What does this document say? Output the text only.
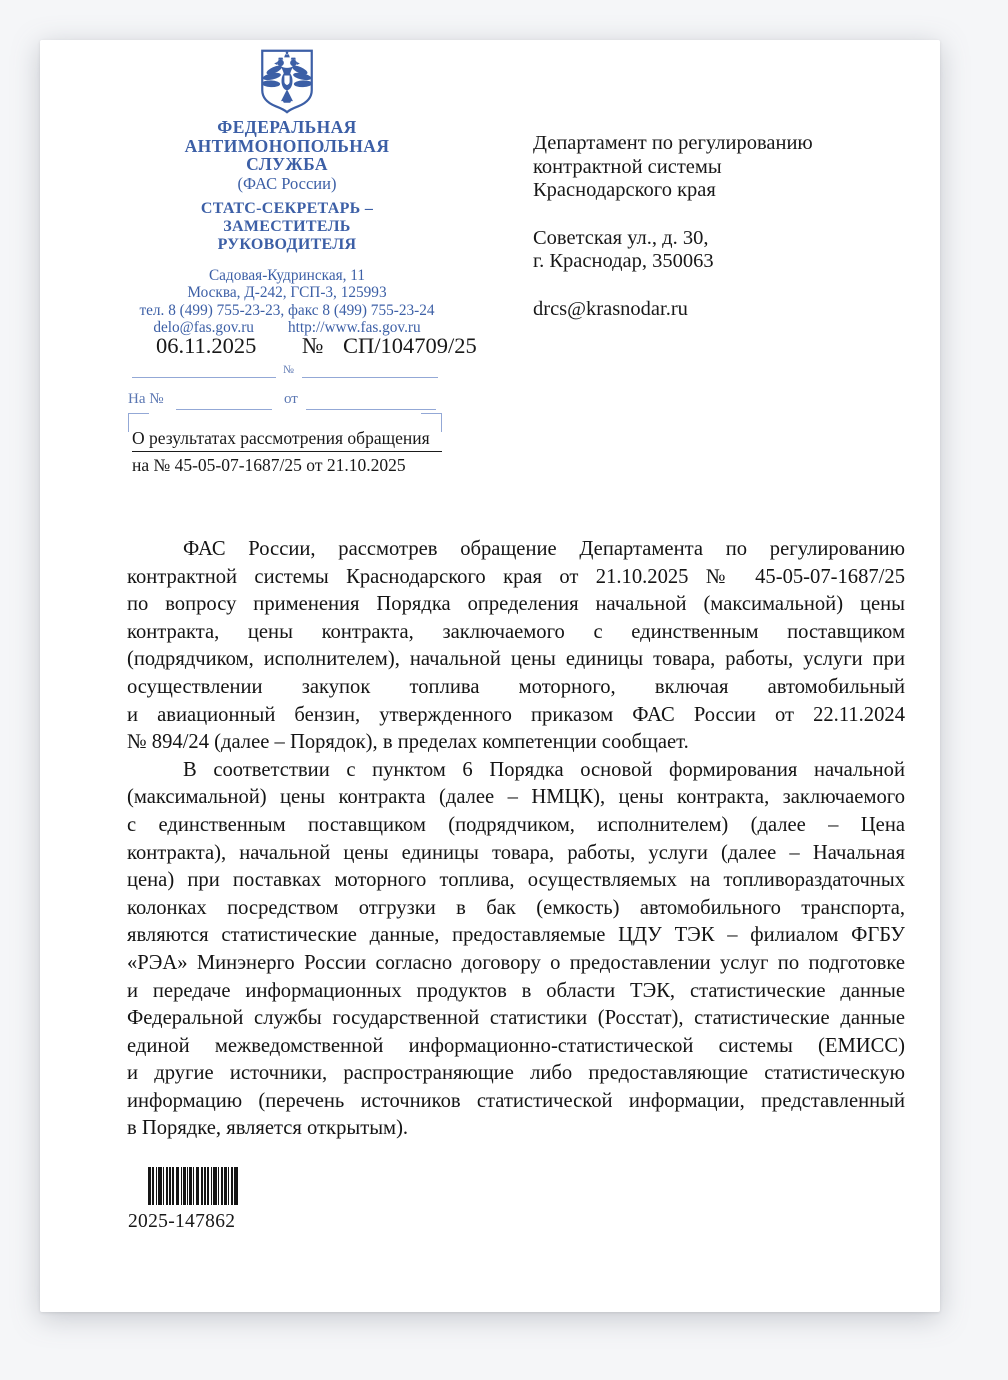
ФЕДЕРАЛЬНАЯ
АНТИМОНОПОЛЬНАЯ
СЛУЖБА
(ФАС России)
СТАТС-СЕКРЕТАРЬ –
ЗАМЕСТИТЕЛЬ
РУКОВОДИТЕЛЯ
Садовая-Кудринская, 11
Москва, Д-242, ГСП-3, 125993
тел. 8 (499) 755-23-23, факс 8 (499) 755-23-24
delo@fas.gov.ru http://www.fas.gov.ru
Департамент по регулированию
контрактной системы
Краснодарского края
Советская ул., д. 30,
г. Краснодар, 350063
drcs@krasnodar.ru
06.11.2025 № СП/104709/25
№
На №	от
О результатах рассмотрения обращения
на № 45-05-07-1687/25 от 21.10.2025
ФАС России, рассмотрев обращение Департамента по регулированию
контрактной системы Краснодарского края от 21.10.2025 № 45-05-07-1687/25
по вопросу применения Порядка определения начальной (максимальной) цены
контракта, цены контракта, заключаемого с единственным поставщиком
(подрядчиком, исполнителем), начальной цены единицы товара, работы, услуги при
осуществлении закупок топлива моторного, включая автомобильный
и авиационный бензин, утвержденного приказом ФАС России от 22.11.2024
№ 894/24 (далее – Порядок), в пределах компетенции сообщает.
В соответствии с пунктом 6 Порядка основой формирования начальной
(максимальной) цены контракта (далее – НМЦК), цены контракта, заключаемого
с единственным поставщиком (подрядчиком, исполнителем) (далее – Цена
контракта), начальной цены единицы товара, работы, услуги (далее – Начальная
цена) при поставках моторного топлива, осуществляемых на топливораздаточных
колонках посредством отгрузки в бак (емкость) автомобильного транспорта,
являются статистические данные, предоставляемые ЦДУ ТЭК – филиалом ФГБУ
«РЭА» Минэнерго России согласно договору о предоставлении услуг по подготовке
и передаче информационных продуктов в области ТЭК, статистические данные
Федеральной службы государственной статистики (Росстат), статистические данные
единой межведомственной информационно-статистической системы (ЕМИСС)
и другие источники, распространяющие либо предоставляющие статистическую
информацию (перечень источников статистической информации, представленный
в Порядке, является открытым).
2025-147862
